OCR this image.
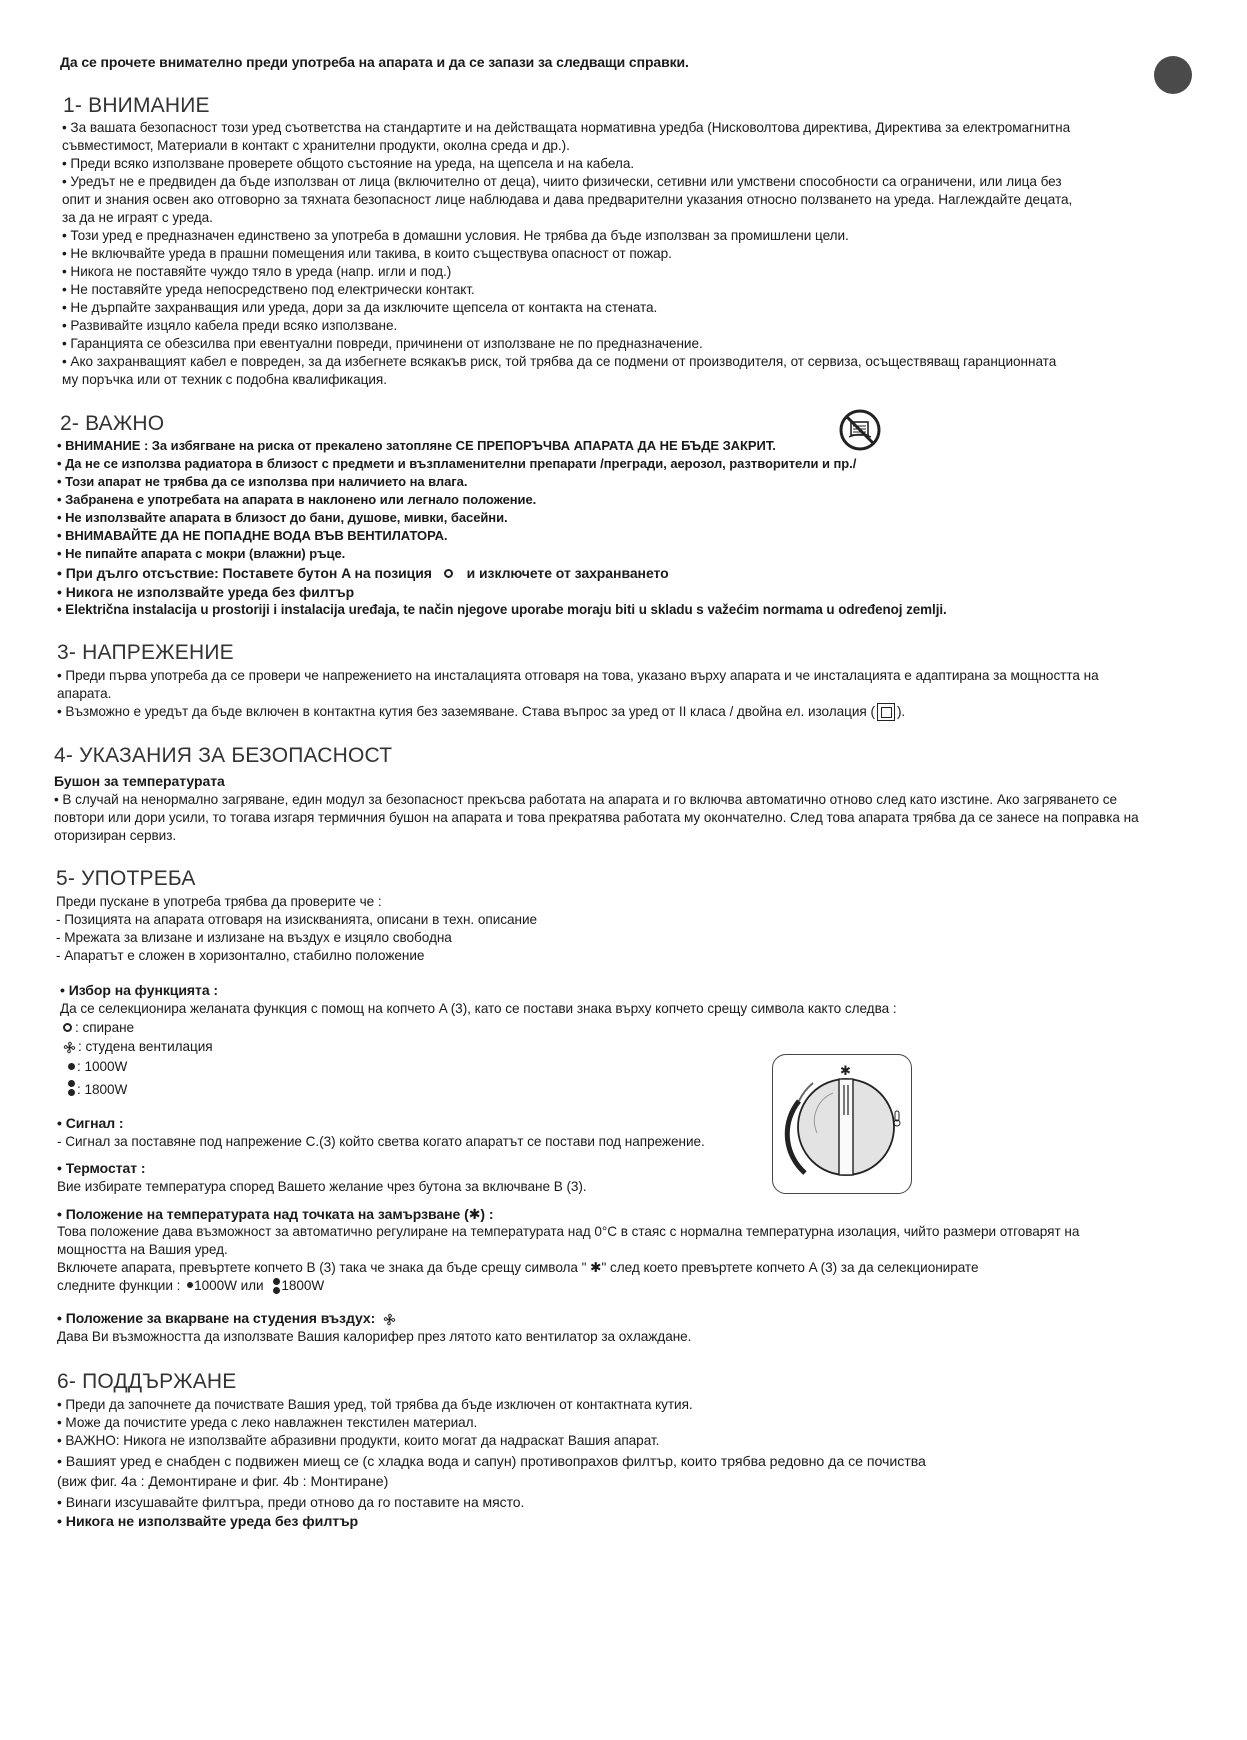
Да се прочете внимателно преди употреба на апарата и да се запази за следващи справки.
1- ВНИМАНИЕ
• За вашата безопасност този уред съответства на стандартите и на действащата нормативна уредба (Нисковолтова директива, Директива за електромагнитна
съвместимост, Материали в контакт с хранителни продукти, околна среда и др.).
• Преди всяко използване проверете общото състояние на уреда, на щепсела и на кабела.
• Уредът не е предвиден да бъде използван от лица (включително от деца), чиито физически, сетивни или умствени способности са ограничени, или лица без
опит и знания освен ако отговорно за тяхната безопасност лице наблюдава и дава предварителни указания относно ползването на уреда. Наглеждайте децата,
за да не играят с уреда.
• Този уред е предназначен единствено за употреба в домашни условия. Не трябва да бъде използван за промишлени цели.
• Не включвайте уреда в прашни помещения или такива, в които съществува опасност от пожар.
• Никога не поставяйте чуждо тяло в уреда (напр. игли и под.)
• Не поставяйте уреда непосредствено под електрически контакт.
• Не дърпайте захранващия или уреда, дори за да изключите щепсела от контакта на стената.
• Развивайте изцяло кабела преди всяко използване.
• Гаранцията се обезсилва при евентуални повреди, причинени от използване не по предназначение.
• Ако захранващият кабел е повреден, за да избегнете всякакъв риск, той трябва да се подмени от производителя, от сервиза, осъществяващ гаранционната
му поръчка или от техник с подобна квалификация.
2- ВАЖНО
• ВНИМАНИЕ : За избягване на риска от прекалено затопляне СЕ ПРЕПОРЪЧВА АПАРАТА ДА НЕ БЪДЕ ЗАКРИТ.
• Да не се използва радиатора в близост с предмети и възпламенителни препарати /прегради, аерозол, разтворители и пр./
• Този апарат не трябва да се използва при наличието на влага.
• Забранена е употребата на апарата в наклонено или легнало положение.
• Не използвайте апарата в близост до бани, душове, мивки, басейни.
• ВНИМАВАЙТЕ ДА НЕ ПОПАДНЕ ВОДА ВЪВ ВЕНТИЛАТОРА.
• Не пипайте апарата с мокри (влажни) ръце.
• При дълго отсъствие: Поставете бутон A на позиция и изключете от захранването
• Никога не използвайте уреда без филтър
• Električna instalacija u prostoriji i instalacija uređaja, te način njegove uporabe moraju biti u skladu s važećim normama u određenoj zemlji.
3- НАПРЕЖЕНИЕ
• Преди първа употреба да се провери че напрежението на инсталацията отговаря на това, указано върху апарата и че инсталацията е адаптирана за мощността на
апарата.
• Възможно е уредът да бъде включен в контактна кутия без заземяване. Става въпрос за уред от II класа / двойна ел. изолация ( ).
4- УКАЗАНИЯ ЗА БЕЗОПАСНОСТ
Бушон за температурата
• В случай на ненормално загряване, един модул за безопасност прекъсва работата на апарата и го включва автоматично отново след като изстине. Ако загряването се
повтори или дори усили, то тогава изгаря термичния бушон на апарата и това прекратява работата му окончателно. След това апарата трябва да се занесе на поправка на
оторизиран сервиз.
5- УПОТРЕБА
Преди пускане в употреба трябва да проверите че :
- Позицията на апарата отговаря на изискванията, описани в техн. описание
- Мрежата за влизане и излизане на въздух е изцяло свободна
- Апаратът е сложен в хоризонтално, стабилно положение
• Избор на функцията :
Да се селекционира желаната функция с помощ на копчето A (3), като се постави знака върху копчето срещу символа както следва :
: спиране
: студена вентилация
: 1000W
: 1800W
• Сигнал :
- Сигнал за поставяне под напрежение C.(3) който светва когато апаратът се постави под напрежение.
• Термостат :
Вие избирате температура според Вашето желание чрез бутона за включване B (3).
• Положение на температурата над точката на замързване (✱) :
Това положение дава възможност за автоматично регулиране на температурата над 0°C в стаяс с нормална температурна изолация, чийто размери отговарят на
мощността на Вашия уред.
Включете апарата, превъртете копчето B (3) така че знака да бъде срещу символа " ✱" след което превъртете копчето A (3) за да селекционирате
следните функции : 1000W или 1800W
• Положение за вкарване на студения въздух:
Дава Ви възможността да използвате Вашия калорифер през лятото като вентилатор за охлаждане.
✱
6- ПОДДЪРЖАНЕ
• Преди да започнете да почиствате Вашия уред, той трябва да бъде изключен от контактната кутия.
• Може да почистите уреда с леко навлажнен текстилен материал.
• ВАЖНО: Никога не използвайте абразивни продукти, които могат да надраскат Вашия апарат.
• Вашият уред е снабден с подвижен миещ се (с хладка вода и сапун) противопрахов филтър, които трябва редовно да се почиства
(виж фиг. 4a : Демонтиране и фиг. 4b : Монтиране)
• Винаги изсушавайте филтъра, преди отново да го поставите на място.
• Никога не използвайте уреда без филтър
